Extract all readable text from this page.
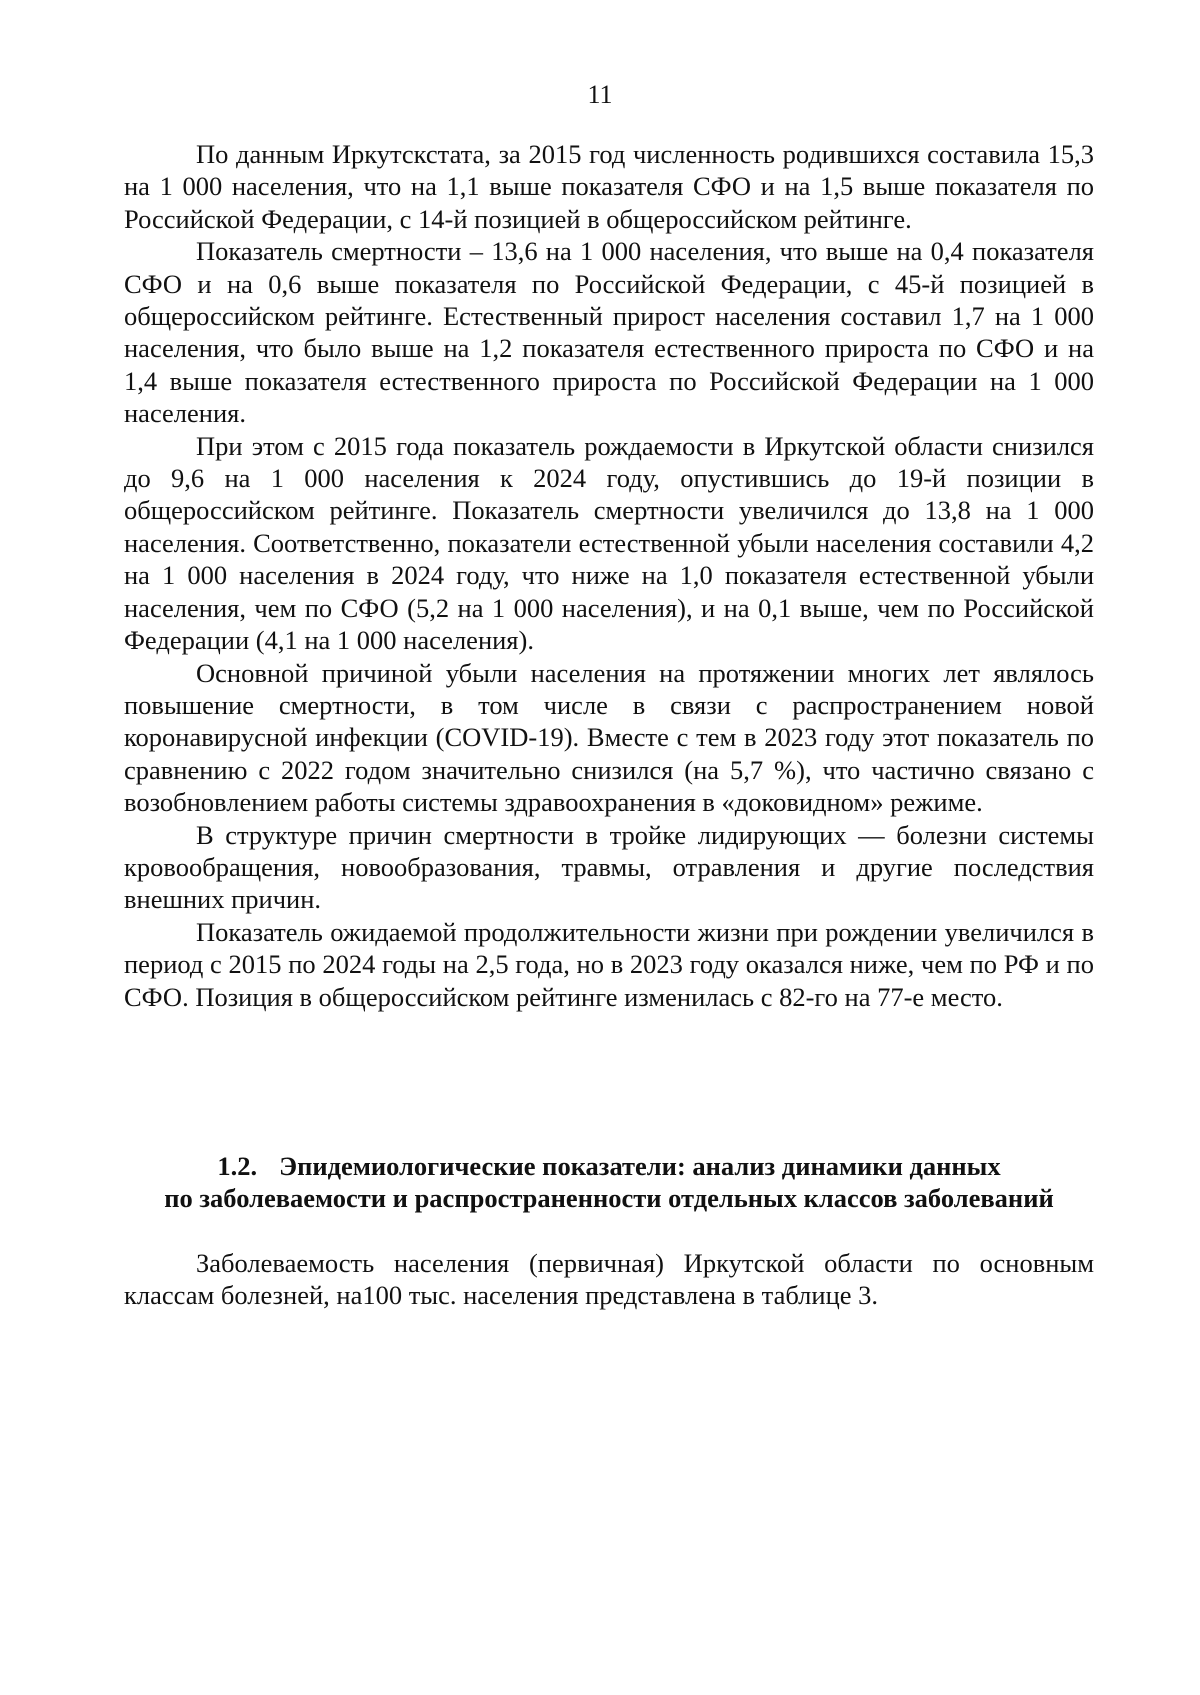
11

По данным Иркутскстата, за 2015 год численность родившихся составила 15,3 на 1 000 населения, что на 1,1 выше показателя СФО и на 1,5 выше показателя по Российской Федерации, с 14-й позицией в общероссийском рейтинге.

Показатель смертности – 13,6 на 1 000 населения, что выше на 0,4 показателя СФО и на 0,6 выше показателя по Российской Федерации, с 45-й позицией в общероссийском рейтинге. Естественный прирост населения составил 1,7 на 1 000 населения, что было выше на 1,2 показателя естественного прироста по СФО и на 1,4 выше показателя естественного прироста по Российской Федерации на 1 000 населения.

При этом с 2015 года показатель рождаемости в Иркутской области снизился до 9,6 на 1 000 населения к 2024 году, опустившись до 19-й позиции в общероссийском рейтинге. Показатель смертности увеличился до 13,8 на 1 000 населения. Соответственно, показатели естественной убыли населения составили 4,2 на 1 000 населения в 2024 году, что ниже на 1,0 показателя естественной убыли населения, чем по СФО (5,2 на 1 000 населения), и на 0,1 выше, чем по Российской Федерации (4,1 на 1 000 населения).

Основной причиной убыли населения на протяжении многих лет являлось повышение смертности, в том числе в связи с распространением новой коронавирусной инфекции (COVID-19). Вместе с тем в 2023 году этот показатель по сравнению с 2022 годом значительно снизился (на 5,7 %), что частично связано с возобновлением работы системы здравоохранения в «доковидном» режиме.

В структуре причин смертности в тройке лидирующих — болезни системы кровообращения, новообразования, травмы, отравления и другие последствия внешних причин.

Показатель ожидаемой продолжительности жизни при рождении увеличился в период с 2015 по 2024 годы на 2,5 года, но в 2023 году оказался ниже, чем по РФ и по СФО. Позиция в общероссийском рейтинге изменилась с 82-го на 77-е место.

1.2. Эпидемиологические показатели: анализ динамики данных
по заболеваемости и распространенности отдельных классов заболеваний

Заболеваемость населения (первичная) Иркутской области по основным классам болезней, на100 тыс. населения представлена в таблице 3.
